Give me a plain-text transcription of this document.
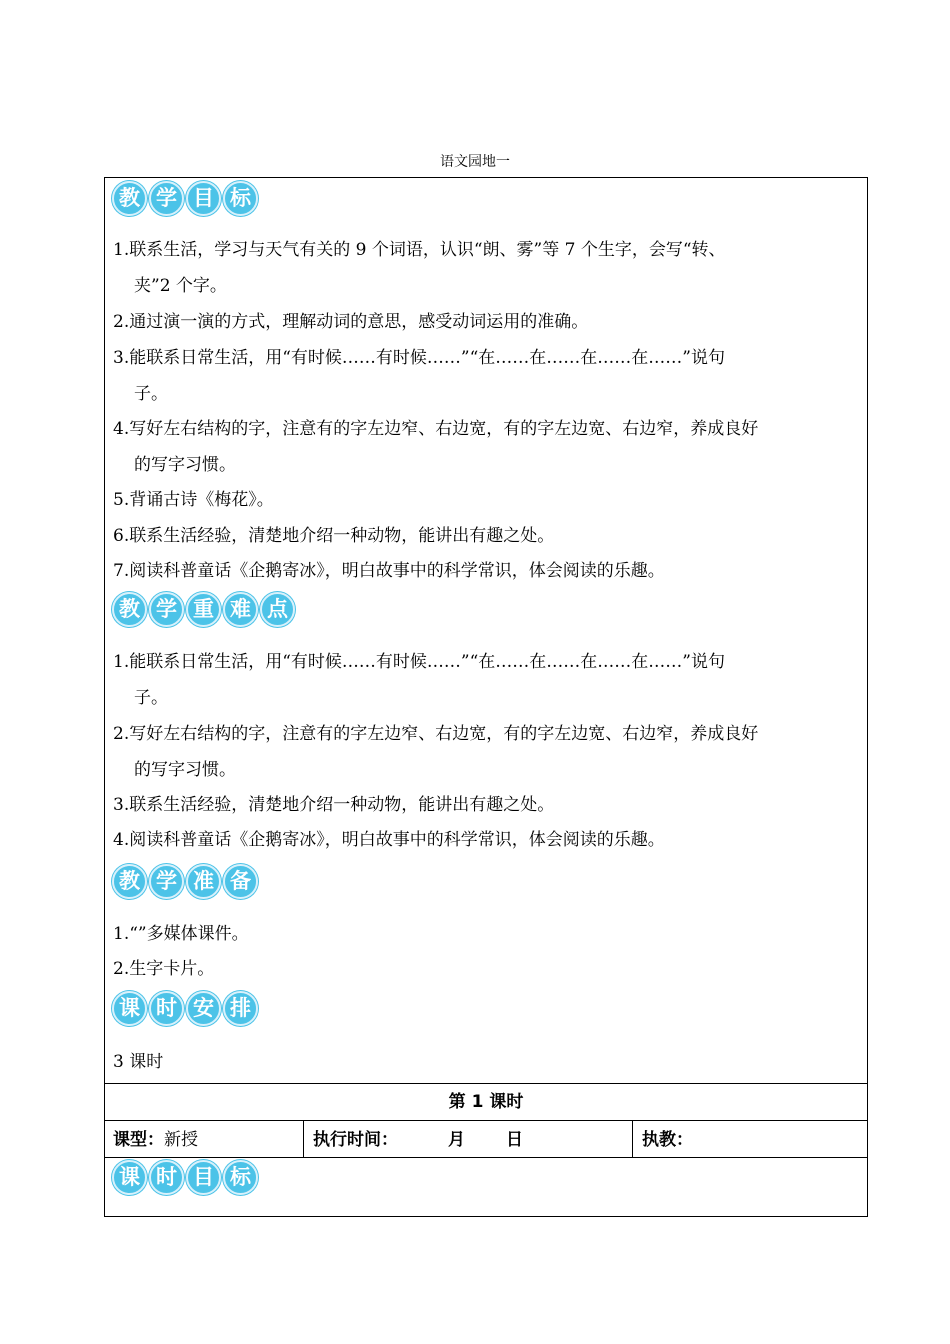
语文园地一
教 学 目 标
1.联系生活，学习与天气有关的 9 个词语，认识“朗、雾”等 7 个生字，会写“转、
夹”2 个字。
2.通过演一演的方式，理解动词的意思，感受动词运用的准确。
3.能联系日常生活，用“有时候……有时候……”“在……在……在……在……”说句
子。
4.写好左右结构的字，注意有的字左边窄、右边宽，有的字左边宽、右边窄，养成良好
的写字习惯。
5.背诵古诗《梅花》。
6.联系生活经验，清楚地介绍一种动物，能讲出有趣之处。
7.阅读科普童话《企鹅寄冰》，明白故事中的科学常识，体会阅读的乐趣。
教 学 重 难 点
1.能联系日常生活，用“有时候……有时候……”“在……在……在……在……”说句
子。
2.写好左右结构的字，注意有的字左边窄、右边宽，有的字左边宽、右边窄，养成良好
的写字习惯。
3.联系生活经验，清楚地介绍一种动物，能讲出有趣之处。
4.阅读科普童话《企鹅寄冰》，明白故事中的科学常识，体会阅读的乐趣。
教 学 准 备
1.“”多媒体课件。
2.生字卡片。
课 时 安 排
3 课时
第 1 课时
课型：新授	执行时间：	月 日	执教：
课 时 目 标
